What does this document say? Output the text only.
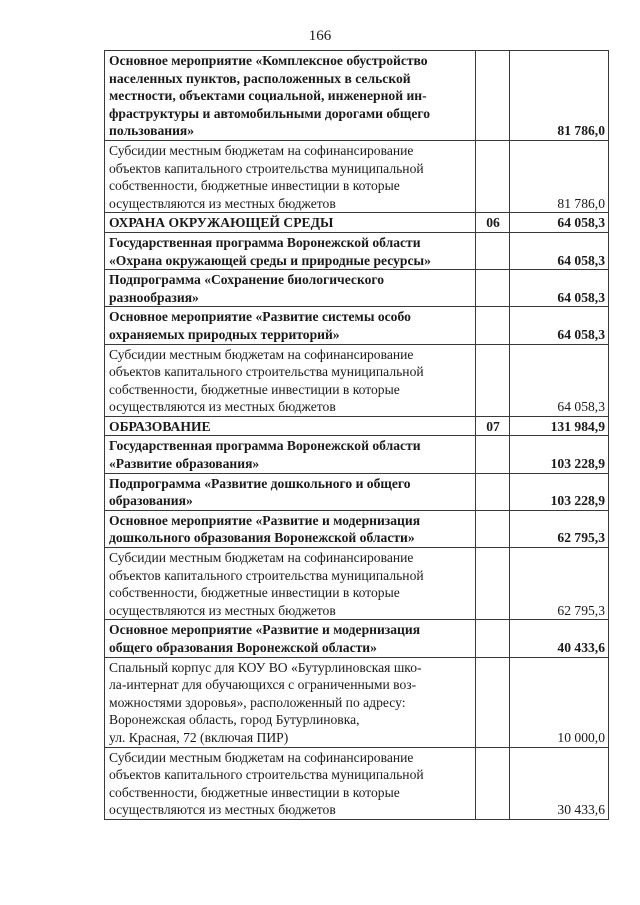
166
Основное мероприятие «Комплексное обустройство
населенных пунктов, расположенных в сельской
местности, объектами социальной, инженерной ин-
фраструктуры и автомобильными дорогами общего
пользования»		81 786,0
Субсидии местным бюджетам на софинансирование
объектов капитального строительства муниципальной
собственности, бюджетные инвестиции в которые
осуществляются из местных бюджетов		81 786,0
ОХРАНА ОКРУЖАЮЩЕЙ СРЕДЫ	06	64 058,3
Государственная программа Воронежской области
«Охрана окружающей среды и природные ресурсы»		64 058,3
Подпрограмма «Сохранение биологического
разнообразия»		64 058,3
Основное мероприятие «Развитие системы особо
охраняемых природных территорий»		64 058,3
Субсидии местным бюджетам на софинансирование
объектов капитального строительства муниципальной
собственности, бюджетные инвестиции в которые
осуществляются из местных бюджетов		64 058,3
ОБРАЗОВАНИЕ	07	131 984,9
Государственная программа Воронежской области
«Развитие образования»		103 228,9
Подпрограмма «Развитие дошкольного и общего
образования»		103 228,9
Основное мероприятие «Развитие и модернизация
дошкольного образования Воронежской области»		62 795,3
Субсидии местным бюджетам на софинансирование
объектов капитального строительства муниципальной
собственности, бюджетные инвестиции в которые
осуществляются из местных бюджетов		62 795,3
Основное мероприятие «Развитие и модернизация
общего образования Воронежской области»		40 433,6
Спальный корпус для КОУ ВО «Бутурлиновская шко-
ла-интернат для обучающихся с ограниченными воз-
можностями здоровья», расположенный по адресу:
Воронежская область, город Бутурлиновка,
ул. Красная, 72 (включая ПИР)		10 000,0
Субсидии местным бюджетам на софинансирование
объектов капитального строительства муниципальной
собственности, бюджетные инвестиции в которые
осуществляются из местных бюджетов		30 433,6
